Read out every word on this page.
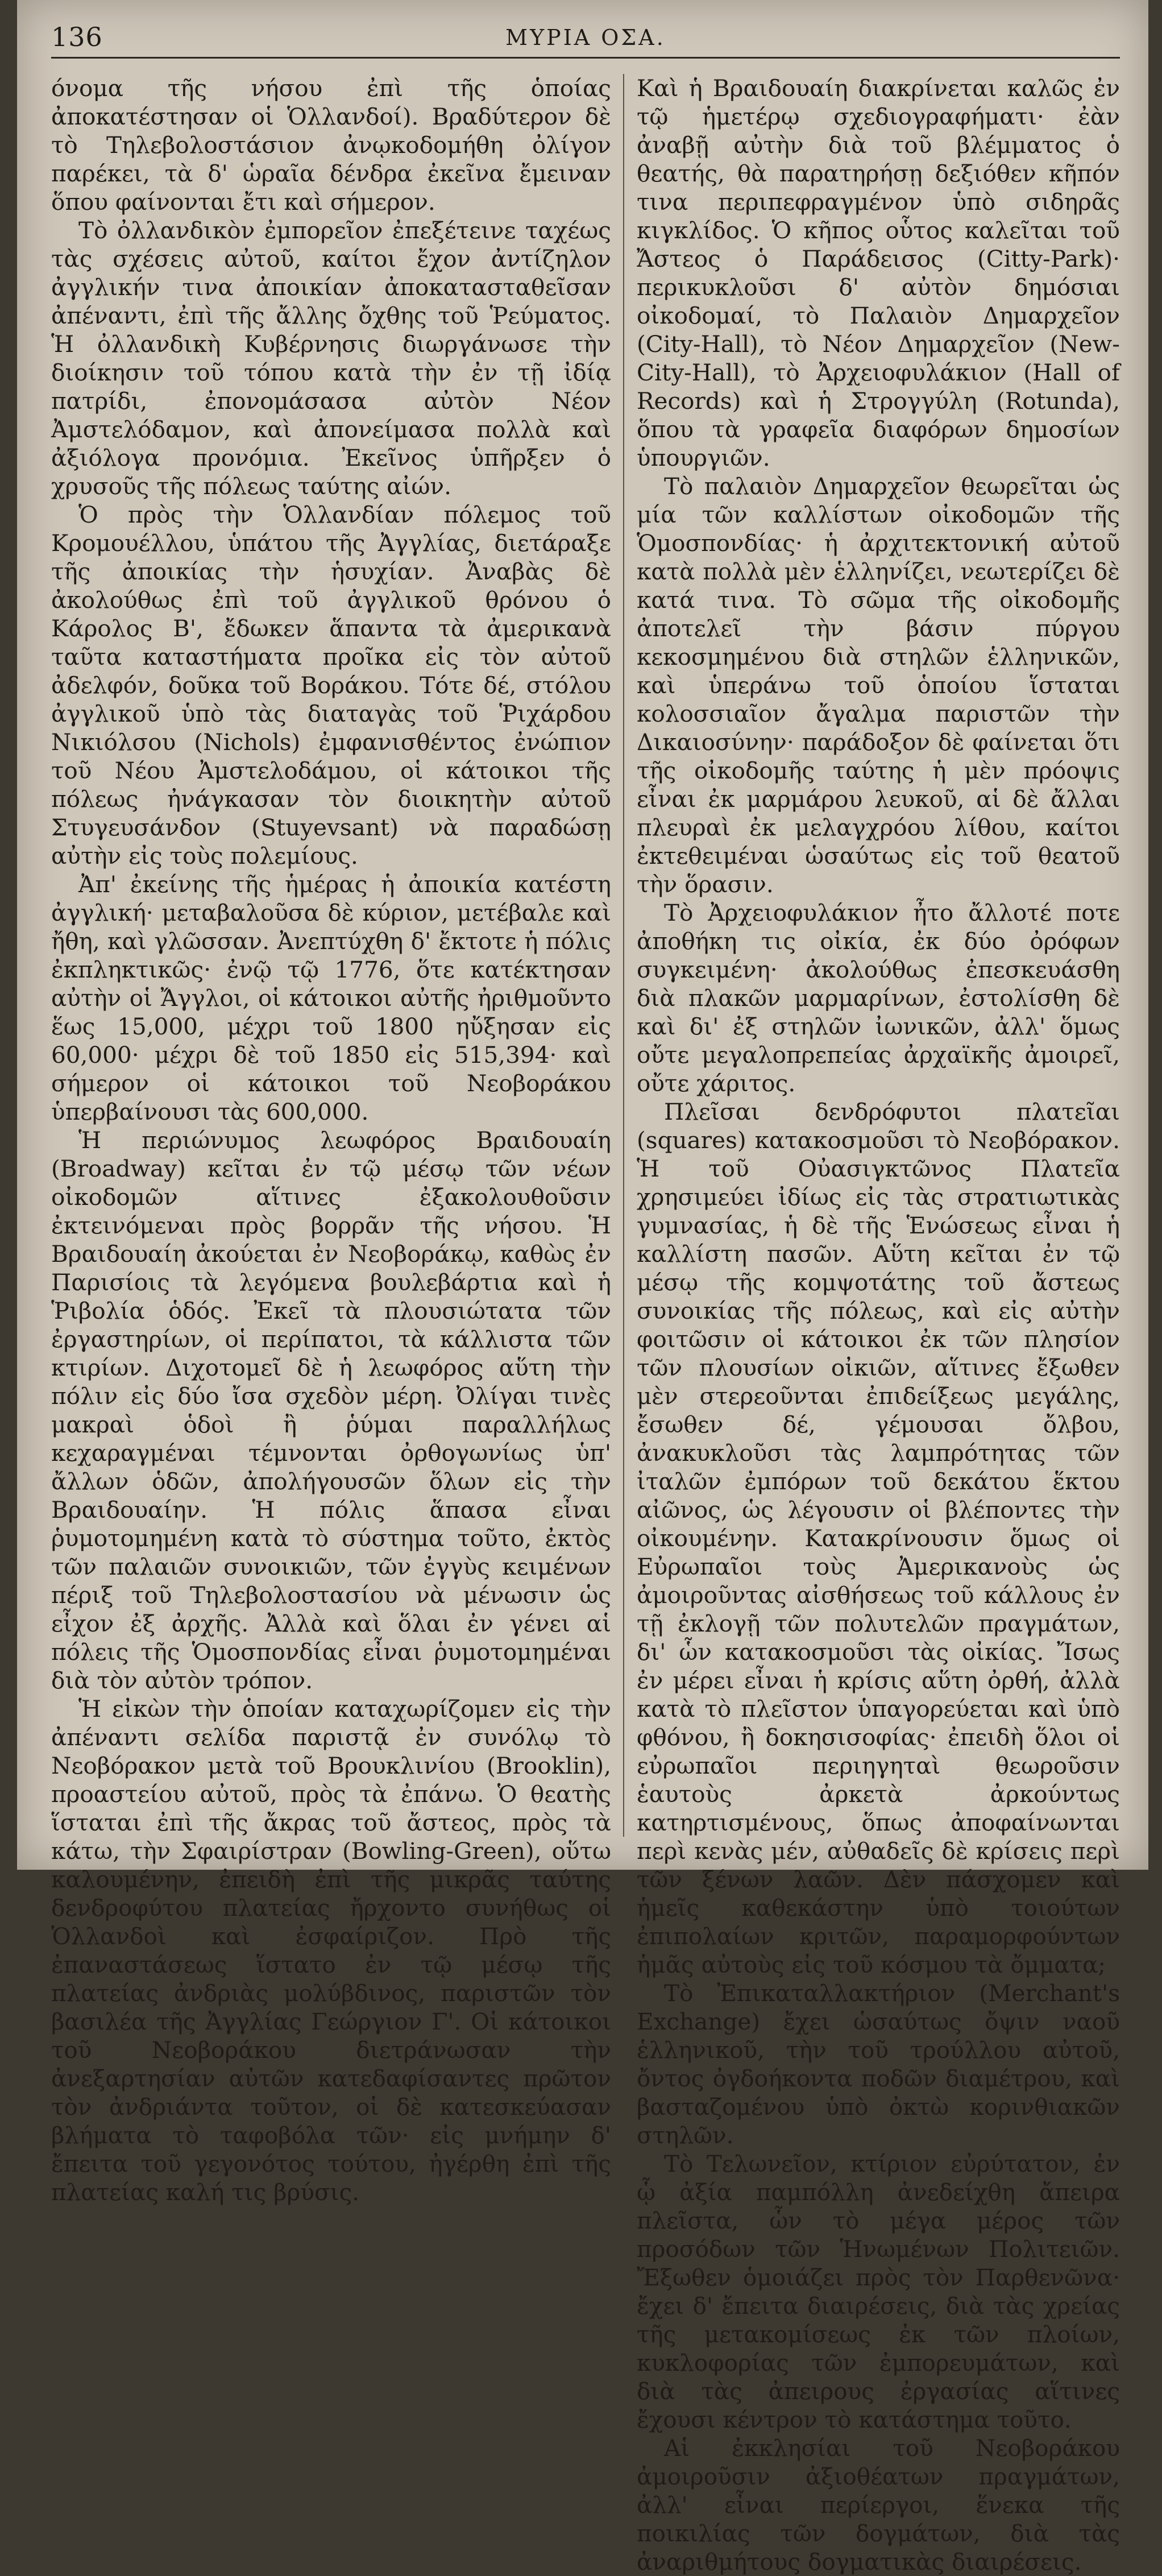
136	ΜΥΡΙΑ ΟΣΑ.

όνομα τῆς νήσου ἐπὶ τῆς ὁποίας ἀποκατέστησαν οἱ Ὁλλανδοί). Βραδύτερον δὲ τὸ Τηλεβολοστάσιον ἀνῳκοδομήθη ὀλίγον παρέκει, τὰ δ' ὡραῖα δένδρα ἐκεῖνα ἔμειναν ὅπου φαίνονται ἔτι καὶ σήμερον.

Τὸ ὀλλανδικὸν ἐμπορεῖον ἐπεξέτεινε ταχέως τὰς σχέσεις αὐτοῦ, καίτοι ἔχον ἀντίζηλον ἀγγλικήν τινα ἀποικίαν ἀποκατασταθεῖσαν ἀπέναντι, ἐπὶ τῆς ἄλλης ὄχθης τοῦ Ῥεύματος. Ἡ ὀλλανδικὴ Κυβέρνησις διωργάνωσε τὴν διοίκησιν τοῦ τόπου κατὰ τὴν ἐν τῇ ἰδίᾳ πατρίδι, ἐπονομάσασα αὐτὸν Νέον Ἀμστελόδαμον, καὶ ἀπονείμασα πολλὰ καὶ ἀξιόλογα προνόμια. Ἐκεῖνος ὑπῆρξεν ὁ χρυσοῦς τῆς πόλεως ταύτης αἰών.

Ὁ πρὸς τὴν Ὁλλανδίαν πόλεμος τοῦ Κρομουέλλου, ὑπάτου τῆς Ἀγγλίας, διετάραξε τῆς ἀποικίας τὴν ἡσυχίαν. Ἀναβὰς δὲ ἀκολούθως ἐπὶ τοῦ ἀγγλικοῦ θρόνου ὁ Κάρολος Β', ἔδωκεν ἅπαντα τὰ ἀμερικανὰ ταῦτα καταστήματα προῖκα εἰς τὸν αὐτοῦ ἀδελφόν, δοῦκα τοῦ Βοράκου. Τότε δέ, στόλου ἀγγλικοῦ ὑπὸ τὰς διαταγὰς τοῦ Ῥιχάρδου Νικιόλσου (Nichols) ἐμφανισθέντος ἐνώπιον τοῦ Νέου Ἀμστελοδάμου, οἱ κάτοικοι τῆς πόλεως ἠνάγκασαν τὸν διοικητὴν αὐτοῦ Στυγευσάνδον (Stuyevsant) νὰ παραδώσῃ αὐτὴν εἰς τοὺς πολεμίους.

Ἀπ' ἐκείνης τῆς ἡμέρας ἡ ἀποικία κατέστη ἀγγλική· μεταβαλοῦσα δὲ κύριον, μετέβαλε καὶ ἤθη, καὶ γλῶσσαν. Ἀνεπτύχθη δ' ἔκτοτε ἡ πόλις ἐκπληκτικῶς· ἐνῷ τῷ 1776, ὅτε κατέκτησαν αὐτὴν οἱ Ἄγγλοι, οἱ κάτοικοι αὐτῆς ἠριθμοῦντο ἕως 15,000, μέχρι τοῦ 1800 ηὔξησαν εἰς 60,000· μέχρι δὲ τοῦ 1850 εἰς 515,394· καὶ σήμερον οἱ κάτοικοι τοῦ Νεοβοράκου ὑπερβαίνουσι τὰς 600,000.

Ἡ περιώνυμος λεωφόρος Βραιδουαίη (Broadway) κεῖται ἐν τῷ μέσῳ τῶν νέων οἰκοδομῶν αἵτινες ἐξακολουθοῦσιν ἐκτεινόμεναι πρὸς βορρᾶν τῆς νήσου. Ἡ Βραιδουαίη ἀκούεται ἐν Νεοβοράκῳ, καθὼς ἐν Παρισίοις τὰ λεγόμενα βουλεβάρτια καὶ ἡ Ῥιβολία ὁδός. Ἐκεῖ τὰ πλουσιώτατα τῶν ἐργαστηρίων, οἱ περίπατοι, τὰ κάλλιστα τῶν κτιρίων. Διχοτομεῖ δὲ ἡ λεωφόρος αὕτη τὴν πόλιν εἰς δύο ἴσα σχεδὸν μέρη. Ὀλίγαι τινὲς μακραὶ ὁδοὶ ἢ ῥύμαι παραλλήλως κεχαραγμέναι τέμνονται ὀρθογωνίως ὑπ' ἄλλων ὁδῶν, ἀπολήγουσῶν ὅλων εἰς τὴν Βραιδουαίην. Ἡ πόλις ἅπασα εἶναι ῥυμοτομημένη κατὰ τὸ σύστημα τοῦτο, ἐκτὸς τῶν παλαιῶν συνοικιῶν, τῶν ἐγγὺς κειμένων πέριξ τοῦ Τηλεβολοστασίου νὰ μένωσιν ὡς εἶχον ἐξ ἀρχῆς. Ἀλλὰ καὶ ὅλαι ἐν γένει αἱ πόλεις τῆς Ὁμοσπονδίας εἶναι ῥυμοτομημέναι διὰ τὸν αὐτὸν τρόπον.

Ἡ εἰκὼν τὴν ὁποίαν καταχωρίζομεν εἰς τὴν ἀπέναντι σελίδα παριστᾷ ἐν συνόλῳ τὸ Νεοβόρακον μετὰ τοῦ Βρουκλινίου (Brooklin), προαστείου αὐτοῦ, πρὸς τὰ ἐπάνω. Ὁ θεατὴς ἵσταται ἐπὶ τῆς ἄκρας τοῦ ἄστεος, πρὸς τὰ κάτω, τὴν Σφαιρίστραν (Bowling-Green), οὕτω καλουμένην, ἐπειδὴ ἐπὶ τῆς μικρᾶς ταύτης δενδροφύτου πλατείας ἤρχοντο συνήθως οἱ Ὁλλανδοὶ καὶ ἐσφαίριζον. Πρὸ τῆς ἐπαναστάσεως ἵστατο ἐν τῷ μέσῳ τῆς πλατείας ἀνδριὰς μολύβδινος, παριστῶν τὸν βασιλέα τῆς Ἀγγλίας Γεώργιον Γ'. Οἱ κάτοικοι τοῦ Νεοβοράκου διετράνωσαν τὴν ἀνεξαρτησίαν αὐτῶν κατεδαφίσαντες πρῶτον τὸν ἀνδριάντα τοῦτον, οἱ δὲ κατεσκεύασαν βλήματα τὸ ταφοβόλα τῶν· εἰς μνήμην δ' ἔπειτα τοῦ γεγονότος τούτου, ἠγέρθη ἐπὶ τῆς πλατείας καλή τις βρύσις.

Καὶ ἡ Βραιδουαίη διακρίνεται καλῶς ἐν τῷ ἡμετέρῳ σχεδιογραφήματι· ἐὰν ἀναβῇ αὐτὴν διὰ τοῦ βλέμματος ὁ θεατής, θὰ παρατηρήσῃ δεξιόθεν κῆπόν τινα περιπεφραγμένον ὑπὸ σιδηρᾶς κιγκλίδος. Ὁ κῆπος οὗτος καλεῖται τοῦ Ἄστεος ὁ Παράδεισος (Citty-Park)· περικυκλοῦσι δ' αὐτὸν δημόσιαι οἰκοδομαί, τὸ Παλαιὸν Δημαρχεῖον (City-Hall), τὸ Νέον Δημαρχεῖον (New-City-Hall), τὸ Ἀρχειοφυλάκιον (Hall of Records) καὶ ἡ Στρογγύλη (Rotunda), ὅπου τὰ γραφεῖα διαφόρων δημοσίων ὑπουργιῶν.

Τὸ παλαιὸν Δημαρχεῖον θεωρεῖται ὡς μία τῶν καλλίστων οἰκοδομῶν τῆς Ὁμοσπονδίας· ἡ ἀρχιτεκτονική αὐτοῦ κατὰ πολλὰ μὲν ἑλληνίζει, νεωτερίζει δὲ κατά τινα. Τὸ σῶμα τῆς οἰκοδομῆς ἀποτελεῖ τὴν βάσιν πύργου κεκοσμημένου διὰ στηλῶν ἑλληνικῶν, καὶ ὑπεράνω τοῦ ὁποίου ἵσταται κολοσσιαῖον ἄγαλμα παριστῶν τὴν Δικαιοσύνην· παράδοξον δὲ φαίνεται ὅτι τῆς οἰκοδομῆς ταύτης ἡ μὲν πρόοψις εἶναι ἐκ μαρμάρου λευκοῦ, αἱ δὲ ἄλλαι πλευραὶ ἐκ μελαγχρόου λίθου, καίτοι ἐκτεθειμέναι ὡσαύτως εἰς τοῦ θεατοῦ τὴν ὅρασιν.

Τὸ Ἀρχειοφυλάκιον ἦτο ἄλλοτέ ποτε ἀποθήκη τις οἰκία, ἐκ δύο ὀρόφων συγκειμένη· ἀκολούθως ἐπεσκευάσθη διὰ πλακῶν μαρμαρίνων, ἐστολίσθη δὲ καὶ δι' ἐξ στηλῶν ἰωνικῶν, ἀλλ' ὅμως οὔτε μεγαλοπρεπείας ἀρχαϊκῆς ἀμοιρεῖ, οὔτε χάριτος.

Πλεῖσαι δενδρόφυτοι πλατεῖαι (squares) κατακοσμοῦσι τὸ Νεοβόρακον. Ἡ τοῦ Οὐασιγκτῶνος Πλατεῖα χρησιμεύει ἰδίως εἰς τὰς στρατιωτικὰς γυμνασίας, ἡ δὲ τῆς Ἑνώσεως εἶναι ἡ καλλίστη πασῶν. Αὕτη κεῖται ἐν τῷ μέσῳ τῆς κομψοτάτης τοῦ ἄστεως συνοικίας τῆς πόλεως, καὶ εἰς αὐτὴν φοιτῶσιν οἱ κάτοικοι ἐκ τῶν πλησίον τῶν πλουσίων οἰκιῶν, αἵτινες ἔξωθεν μὲν στερεοῦνται ἐπιδείξεως μεγάλης, ἔσωθεν δέ, γέμουσαι ὄλβου, ἀνακυκλοῦσι τὰς λαμπρότητας τῶν ἰταλῶν ἐμπόρων τοῦ δεκάτου ἕκτου αἰῶνος, ὡς λέγουσιν οἱ βλέποντες τὴν οἰκουμένην. Κατακρίνουσιν ὅμως οἱ Εὐρωπαῖοι τοὺς Ἀμερικανοὺς ὡς ἀμοιροῦντας αἰσθήσεως τοῦ κάλλους ἐν τῇ ἐκλογῇ τῶν πολυτελῶν πραγμάτων, δι' ὧν κατακοσμοῦσι τὰς οἰκίας. Ἴσως ἐν μέρει εἶναι ἡ κρίσις αὕτη ὀρθή, ἀλλὰ κατὰ τὸ πλεῖστον ὑπαγορεύεται καὶ ὑπὸ φθόνου, ἢ δοκησισοφίας· ἐπειδὴ ὅλοι οἱ εὐρωπαῖοι περιηγηταὶ θεωροῦσιν ἑαυτοὺς ἀρκετὰ ἀρκούντως κατηρτισμένους, ὅπως ἀποφαίνωνται περὶ κενὰς μέν, αὐθαδεῖς δὲ κρίσεις περὶ τῶν ξένων λαῶν. Δὲν πάσχομεν καὶ ἡμεῖς καθεκάστην ὑπὸ τοιούτων ἐπιπολαίων κριτῶν, παραμορφούντων ἡμᾶς αὐτοὺς εἰς τοῦ κόσμου τὰ ὄμματα;

Τὸ Ἐπικαταλλακτήριον (Merchant's Exchange) ἔχει ὡσαύτως ὄψιν ναοῦ ἑλληνικοῦ, τὴν τοῦ τρούλλου αὐτοῦ, ὄντος ὀγδοήκοντα ποδῶν διαμέτρου, καὶ βασταζομένου ὑπὸ ὀκτὼ κορινθιακῶν στηλῶν.

Τὸ Τελωνεῖον, κτίριον εὐρύτατον, ἐν ᾧ ἀξία παμπόλλη ἀνεδείχθη ἄπειρα πλεῖστα, ὧν τὸ μέγα μέρος τῶν προσόδων τῶν Ἡνωμένων Πολιτειῶν. Ἔξωθεν ὁμοιάζει πρὸς τὸν Παρθενῶνα· ἔχει δ' ἔπειτα διαιρέσεις, διὰ τὰς χρείας τῆς μετακομίσεως ἐκ τῶν πλοίων, κυκλοφορίας τῶν ἐμπορευμάτων, καὶ διὰ τὰς ἀπειρους ἐργασίας αἵτινες ἔχουσι κέντρον τὸ κατάστημα τοῦτο.

Αἱ ἐκκλησίαι τοῦ Νεοβοράκου ἀμοιροῦσιν ἀξιοθέατων πραγμάτων, ἀλλ' εἶναι περίεργοι, ἕνεκα τῆς ποικιλίας τῶν δογμάτων, διὰ τὰς ἀναριθμήτους δογματικὰς διαιρέσεις.
